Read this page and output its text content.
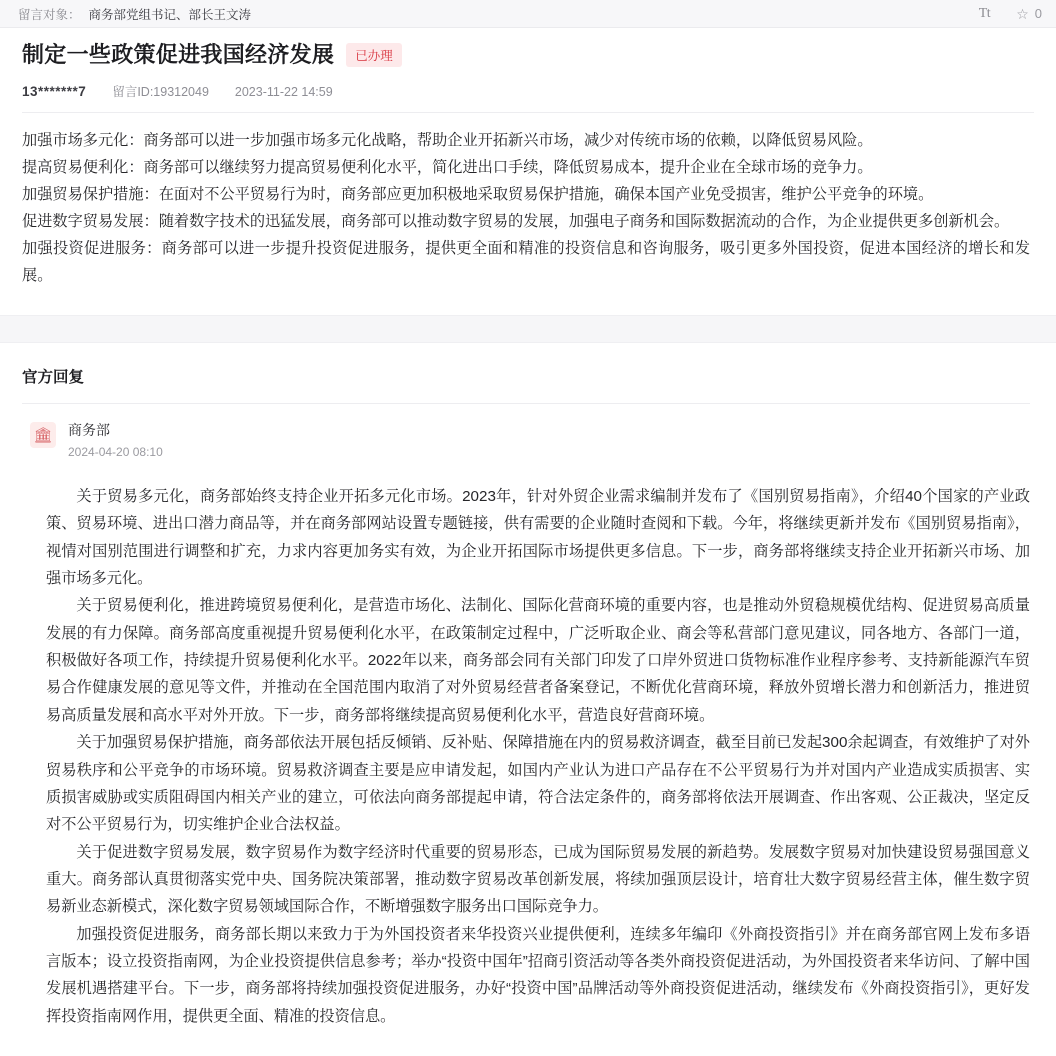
留言对象： 商务部党组书记、部长王文涛	Tt ☆ 0
制定一些政策促进我国经济发展	已办理
13*******7 留言ID:19312049 2023-11-22 14:59

加强市场多元化：商务部可以进一步加强市场多元化战略，帮助企业开拓新兴市场，减少对传统市场的依赖，以降低贸易风险。

提高贸易便利化：商务部可以继续努力提高贸易便利化水平，简化进出口手续，降低贸易成本，提升企业在全球市场的竞争力。

加强贸易保护措施：在面对不公平贸易行为时，商务部应更加积极地采取贸易保护措施，确保本国产业免受损害，维护公平竞争的环境。

促进数字贸易发展：随着数字技术的迅猛发展，商务部可以推动数字贸易的发展，加强电子商务和国际数据流动的合作，为企业提供更多创新机会。

加强投资促进服务：商务部可以进一步提升投资促进服务，提供更全面和精准的投资信息和咨询服务，吸引更多外国投资，促进本国经济的增长和发展。

官方回复
🏛 商务部
2024-04-20 08:10

关于贸易多元化，商务部始终支持企业开拓多元化市场。2023年，针对外贸企业需求编制并发布了《国别贸易指南》，介绍40个国家的产业政策、贸易环境、进出口潜力商品等，并在商务部网站设置专题链接，供有需要的企业随时查阅和下载。今年，将继续更新并发布《国别贸易指南》，视情对国别范围进行调整和扩充，力求内容更加务实有效，为企业开拓国际市场提供更多信息。下一步，商务部将继续支持企业开拓新兴市场、加强市场多元化。

关于贸易便利化，推进跨境贸易便利化，是营造市场化、法制化、国际化营商环境的重要内容，也是推动外贸稳规模优结构、促进贸易高质量发展的有力保障。商务部高度重视提升贸易便利化水平，在政策制定过程中，广泛听取企业、商会等私营部门意见建议，同各地方、各部门一道，积极做好各项工作，持续提升贸易便利化水平。2022年以来，商务部会同有关部门印发了口岸外贸进口货物标准作业程序参考、支持新能源汽车贸易合作健康发展的意见等文件，并推动在全国范围内取消了对外贸易经营者备案登记，不断优化营商环境，释放外贸增长潜力和创新活力，推进贸易高质量发展和高水平对外开放。下一步，商务部将继续提高贸易便利化水平，营造良好营商环境。

关于加强贸易保护措施，商务部依法开展包括反倾销、反补贴、保障措施在内的贸易救济调查，截至目前已发起300余起调查，有效维护了对外贸易秩序和公平竞争的市场环境。贸易救济调查主要是应申请发起，如国内产业认为进口产品存在不公平贸易行为并对国内产业造成实质损害、实质损害威胁或实质阻碍国内相关产业的建立，可依法向商务部提起申请，符合法定条件的，商务部将依法开展调查、作出客观、公正裁决，坚定反对不公平贸易行为，切实维护企业合法权益。

关于促进数字贸易发展，数字贸易作为数字经济时代重要的贸易形态，已成为国际贸易发展的新趋势。发展数字贸易对加快建设贸易强国意义重大。商务部认真贯彻落实党中央、国务院决策部署，推动数字贸易改革创新发展，将续加强顶层设计，培育壮大数字贸易经营主体，催生数字贸易新业态新模式，深化数字贸易领域国际合作，不断增强数字服务出口国际竞争力。

加强投资促进服务，商务部长期以来致力于为外国投资者来华投资兴业提供便利，连续多年编印《外商投资指引》并在商务部官网上发布多语言版本；设立投资指南网，为企业投资提供信息参考；举办“投资中国年”招商引资活动等各类外商投资促进活动，为外国投资者来华访问、了解中国发展机遇搭建平台。下一步，商务部将持续加强投资促进服务，办好“投资中国”品牌活动等外商投资促进活动，继续发布《外商投资指引》，更好发挥投资指南网作用，提供更全面、精准的投资信息。
